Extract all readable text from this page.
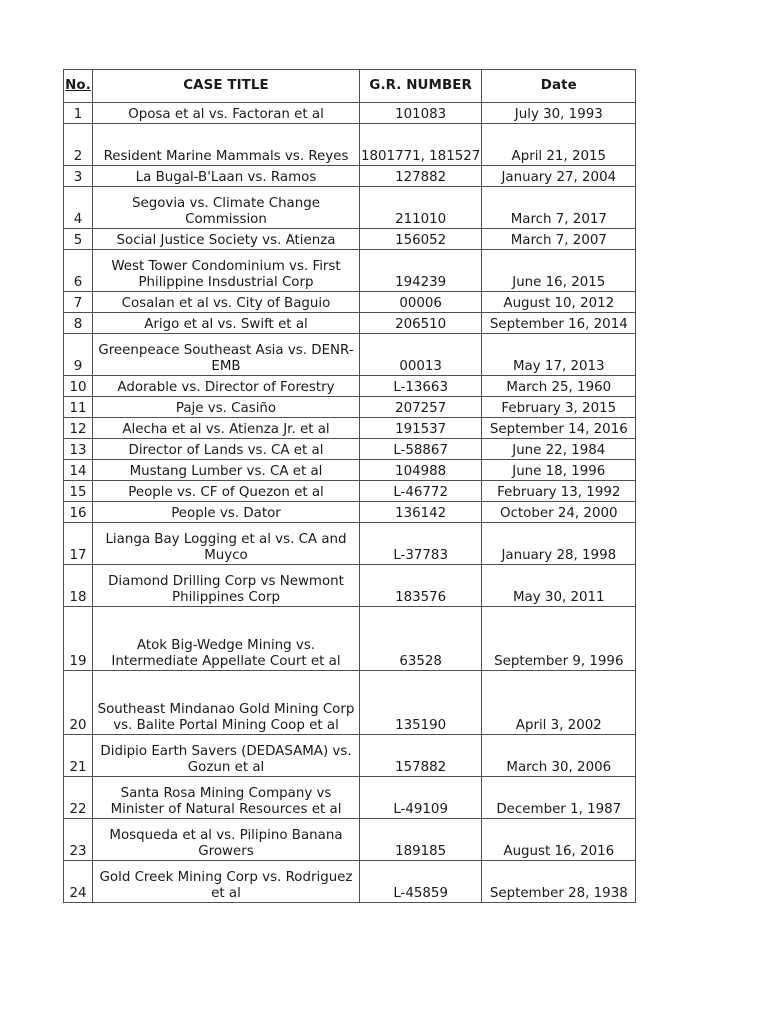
No.	CASE TITLE	G.R. NUMBER	Date
1	Oposa et al vs. Factoran et al	101083	July 30, 1993
2	Resident Marine Mammals vs. Reyes	1801771, 181527	April 21, 2015
3	La Bugal-B'Laan vs. Ramos	127882	January 27, 2004
4	Segovia vs. Climate Change Commission	211010	March 7, 2017
5	Social Justice Society vs. Atienza	156052	March 7, 2007
6	West Tower Condominium vs. First Philippine Insdustrial Corp	194239	June 16, 2015
7	Cosalan et al vs. City of Baguio	00006	August 10, 2012
8	Arigo et al vs. Swift et al	206510	September 16, 2014
9	Greenpeace Southeast Asia vs. DENR-EMB	00013	May 17, 2013
10	Adorable vs. Director of Forestry	L-13663	March 25, 1960
11	Paje vs. Casiño	207257	February 3, 2015
12	Alecha et al vs. Atienza Jr. et al	191537	September 14, 2016
13	Director of Lands vs. CA et al	L-58867	June 22, 1984
14	Mustang Lumber vs. CA et al	104988	June 18, 1996
15	People vs. CF of Quezon et al	L-46772	February 13, 1992
16	People vs. Dator	136142	October 24, 2000
17	Lianga Bay Logging et al vs. CA and Muyco	L-37783	January 28, 1998
18	Diamond Drilling Corp vs Newmont Philippines Corp	183576	May 30, 2011
19	Atok Big-Wedge Mining vs. Intermediate Appellate Court et al	63528	September 9, 1996
20	Southeast Mindanao Gold Mining Corp vs. Balite Portal Mining Coop et al	135190	April 3, 2002
21	Didipio Earth Savers (DEDASAMA) vs. Gozun et al	157882	March 30, 2006
22	Santa Rosa Mining Company vs Minister of Natural Resources et al	L-49109	December 1, 1987
23	Mosqueda et al vs. Pilipino Banana Growers	189185	August 16, 2016
24	Gold Creek Mining Corp vs. Rodriguez et al	L-45859	September 28, 1938
